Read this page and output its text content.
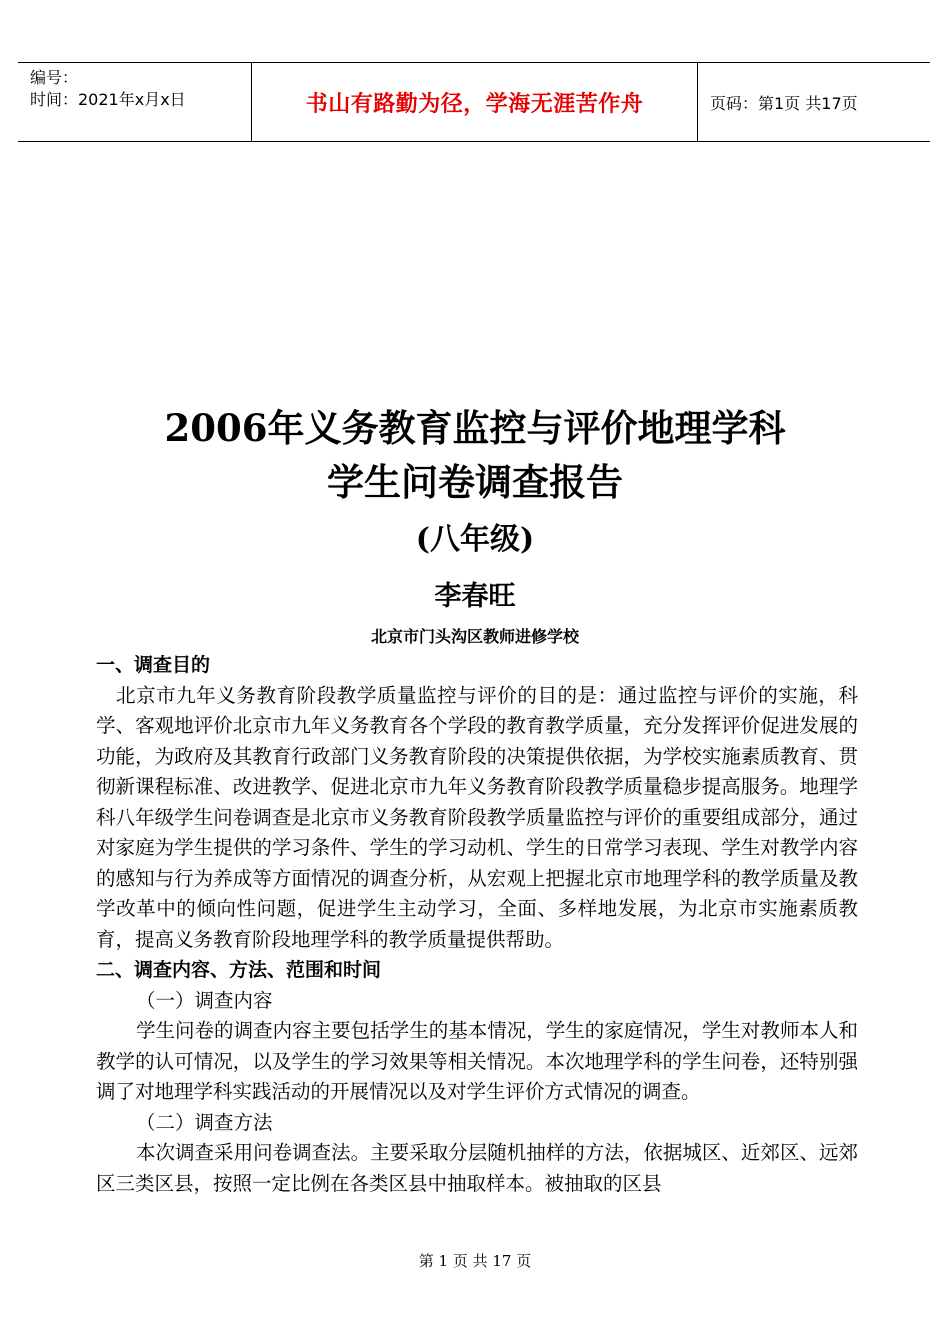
编号：
时间：2021年x月x日	书山有路勤为径，学海无涯苦作舟	页码：第1页 共17页
2006年义务教育监控与评价地理学科
学生问卷调查报告
(八年级)
李春旺
北京市门头沟区教师进修学校

一、调查目的

北京市九年义务教育阶段教学质量监控与评价的目的是：通过监控与评价的实施，科学、客观地评价北京市九年义务教育各个学段的教育教学质量，充分发挥评价促进发展的功能，为政府及其教育行政部门义务教育阶段的决策提供依据，为学校实施素质教育、贯彻新课程标准、改进教学、促进北京市九年义务教育阶段教学质量稳步提高服务。地理学科八年级学生问卷调查是北京市义务教育阶段教学质量监控与评价的重要组成部分，通过对家庭为学生提供的学习条件、学生的学习动机、学生的日常学习表现、学生对教学内容的感知与行为养成等方面情况的调查分析，从宏观上把握北京市地理学科的教学质量及教学改革中的倾向性问题，促进学生主动学习，全面、多样地发展，为北京市实施素质教育，提高义务教育阶段地理学科的教学质量提供帮助。

二、调查内容、方法、范围和时间

（一）调查内容

学生问卷的调查内容主要包括学生的基本情况，学生的家庭情况，学生对教师本人和教学的认可情况，以及学生的学习效果等相关情况。本次地理学科的学生问卷，还特别强调了对地理学科实践活动的开展情况以及对学生评价方式情况的调查。

（二）调查方法

本次调查采用问卷调查法。主要采取分层随机抽样的方法，依据城区、近郊区、远郊区三类区县，按照一定比例在各类区县中抽取样本。被抽取的区县

第 1 页 共 17 页
